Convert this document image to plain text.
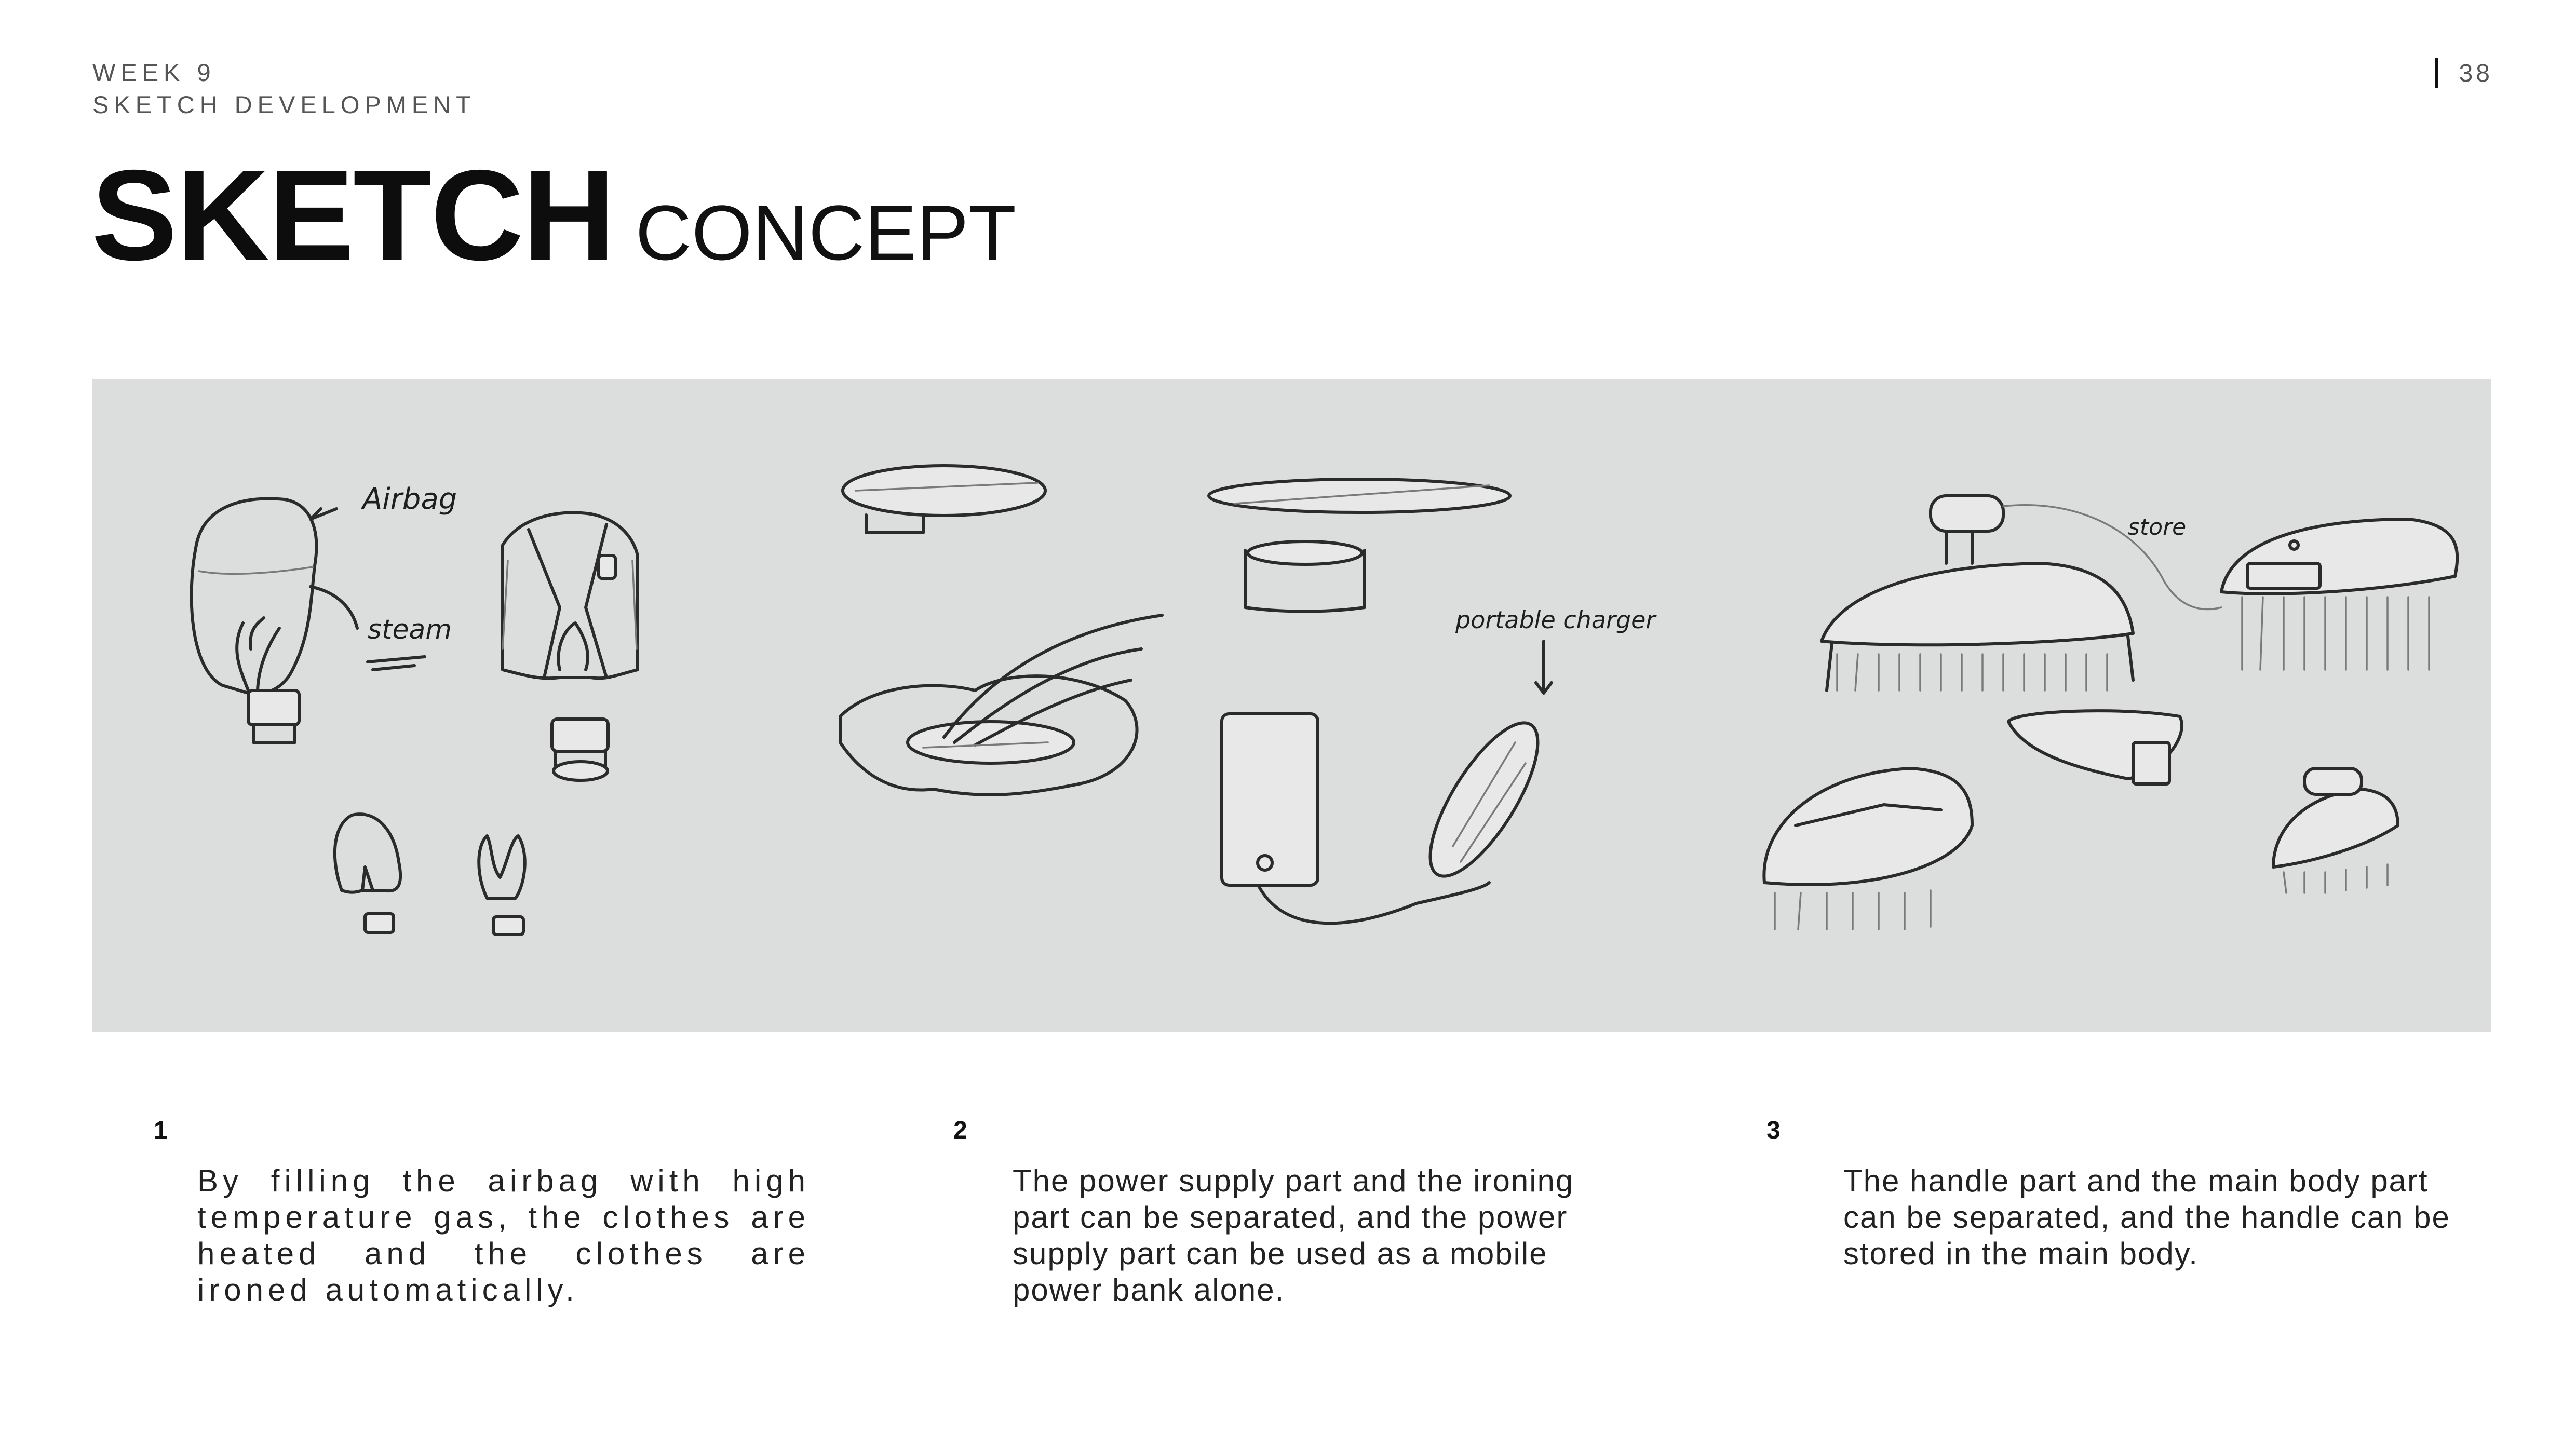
WEEK 9
SKETCH DEVELOPMENT
38
SKETCH CONCEPT
Airbag
steam	portable charger
store
1
By filling the airbag with high temperature gas, the clothes are heated and the clothes are ironed automatically.
2
The power supply part and the ironing part can be separated, and the power supply part can be used as a mobile power bank alone.
3
The handle part and the main body part can be separated, and the handle can be stored in the main body.
